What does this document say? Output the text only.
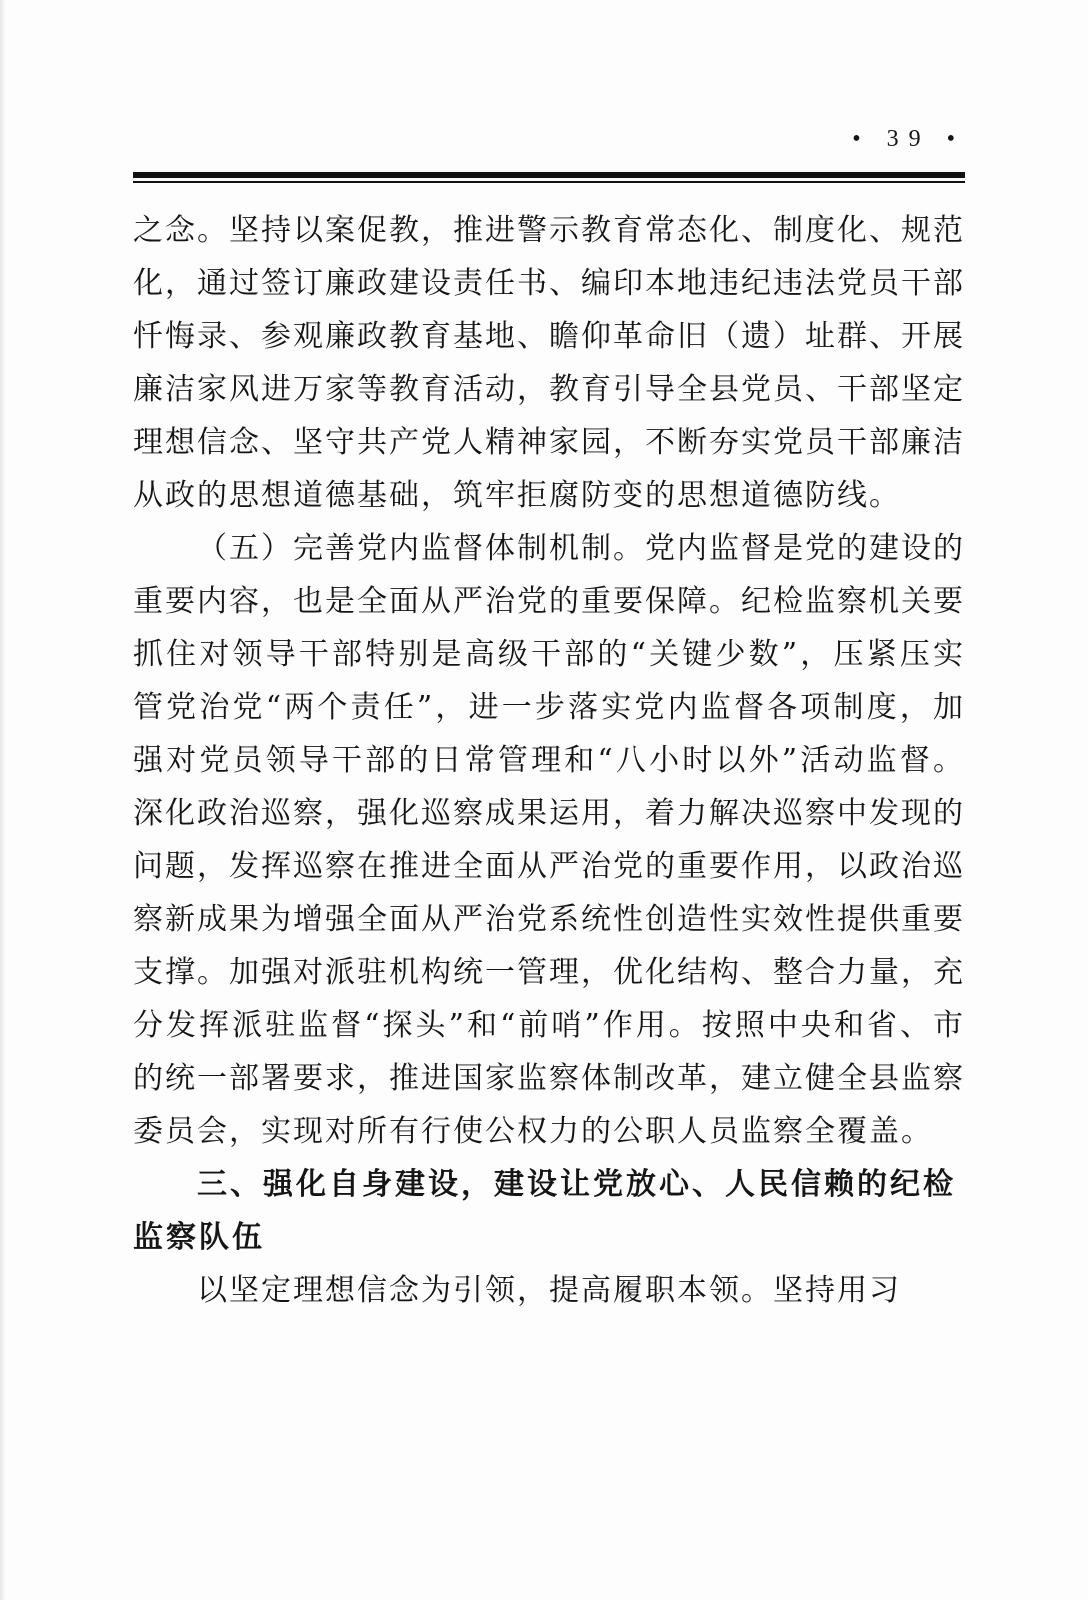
• 39 •

之念。坚持以案促教，推进警示教育常态化、制度化、规范化，通过签订廉政建设责任书、编印本地违纪违法党员干部忏悔录、参观廉政教育基地、瞻仰革命旧（遗）址群、开展廉洁家风进万家等教育活动，教育引导全县党员、干部坚定理想信念、坚守共产党人精神家园，不断夯实党员干部廉洁从政的思想道德基础，筑牢拒腐防变的思想道德防线。

（五）完善党内监督体制机制。党内监督是党的建设的重要内容，也是全面从严治党的重要保障。纪检监察机关要抓住对领导干部特别是高级干部的“关键少数”，压紧压实管党治党“两个责任”，进一步落实党内监督各项制度，加强对党员领导干部的日常管理和“八小时以外”活动监督。深化政治巡察，强化巡察成果运用，着力解决巡察中发现的问题，发挥巡察在推进全面从严治党的重要作用，以政治巡察新成果为增强全面从严治党系统性创造性实效性提供重要支撑。加强对派驻机构统一管理，优化结构、整合力量，充分发挥派驻监督“探头”和“前哨”作用。按照中央和省、市的统一部署要求，推进国家监察体制改革，建立健全县监察委员会，实现对所有行使公权力的公职人员监察全覆盖。

三、强化自身建设，建设让党放心、人民信赖的纪检监察队伍

以坚定理想信念为引领，提高履职本领。坚持用习
